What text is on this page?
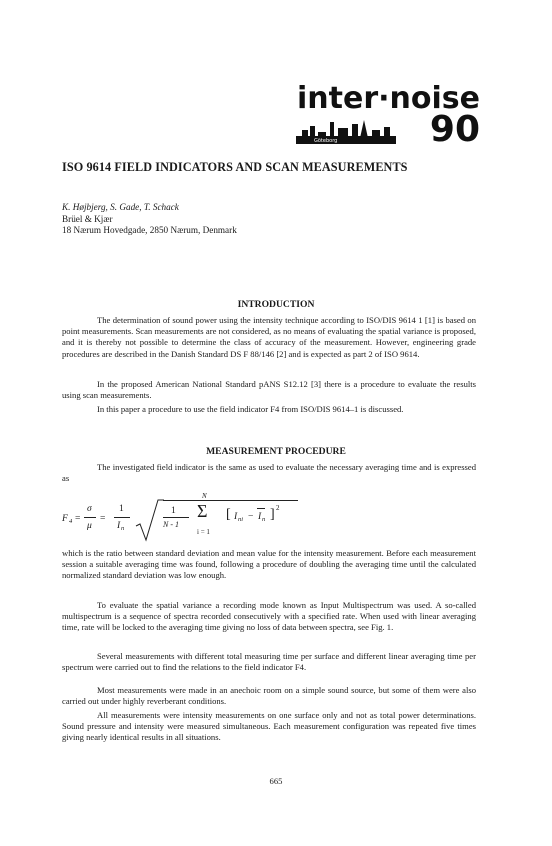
inter·noise
Göteborg	90
ISO 9614 FIELD INDICATORS AND SCAN MEASUREMENTS
K. Højbjerg, S. Gade, T. Schack
Brüel & Kjær
18 Nærum Hovedgade, 2850 Nærum, Denmark
INTRODUCTION
The determination of sound power using the intensity technique according to ISO/DIS 9614 1 [1] is based on point measurements. Scan measurements are not considered, as no means of evaluating the spatial variance is proposed, and it is thereby not possible to determine the class of accuracy of the measurement. However, engineering grade procedures are described in the Danish Standard DS F 88/146 [2] and is expected as part 2 of ISO 9614.
In the proposed American National Standard pANS S12.12 [3] there is a procedure to evaluate the results using scan measurements.
In this paper a procedure to use the field indicator F4 from ISO/DIS 9614–1 is discussed.
MEASUREMENT PROCEDURE
The investigated field indicator is the same as used to evaluate the necessary averaging time and is expressed as
F 4 =
σ
μ
=
1
I n
1
N - 1
N
Σ
i = 1
[ I ni − I n ] 2
which is the ratio between standard deviation and mean value for the intensity measurement. Before each measurement session a suitable averaging time was found, following a procedure of doubling the averaging time until the calculated normalized standard deviation was low enough.
To evaluate the spatial variance a recording mode known as Input Multispectrum was used. A so-called multispectrum is a sequence of spectra recorded consecutively with a specified rate. When used with linear averaging time, rate will be locked to the averaging time giving no loss of data between spectra, see Fig. 1.
Several measurements with different total measuring time per surface and different linear averaging time per spectrum were carried out to find the relations to the field indicator F4.
Most measurements were made in an anechoic room on a simple sound source, but some of them were also carried out under highly reverberant conditions.
All measurements were intensity measurements on one surface only and not as total power determinations. Sound pressure and intensity were measured simultaneous. Each measurement configuration was repeated five times giving nearly identical results in all situations.
665
